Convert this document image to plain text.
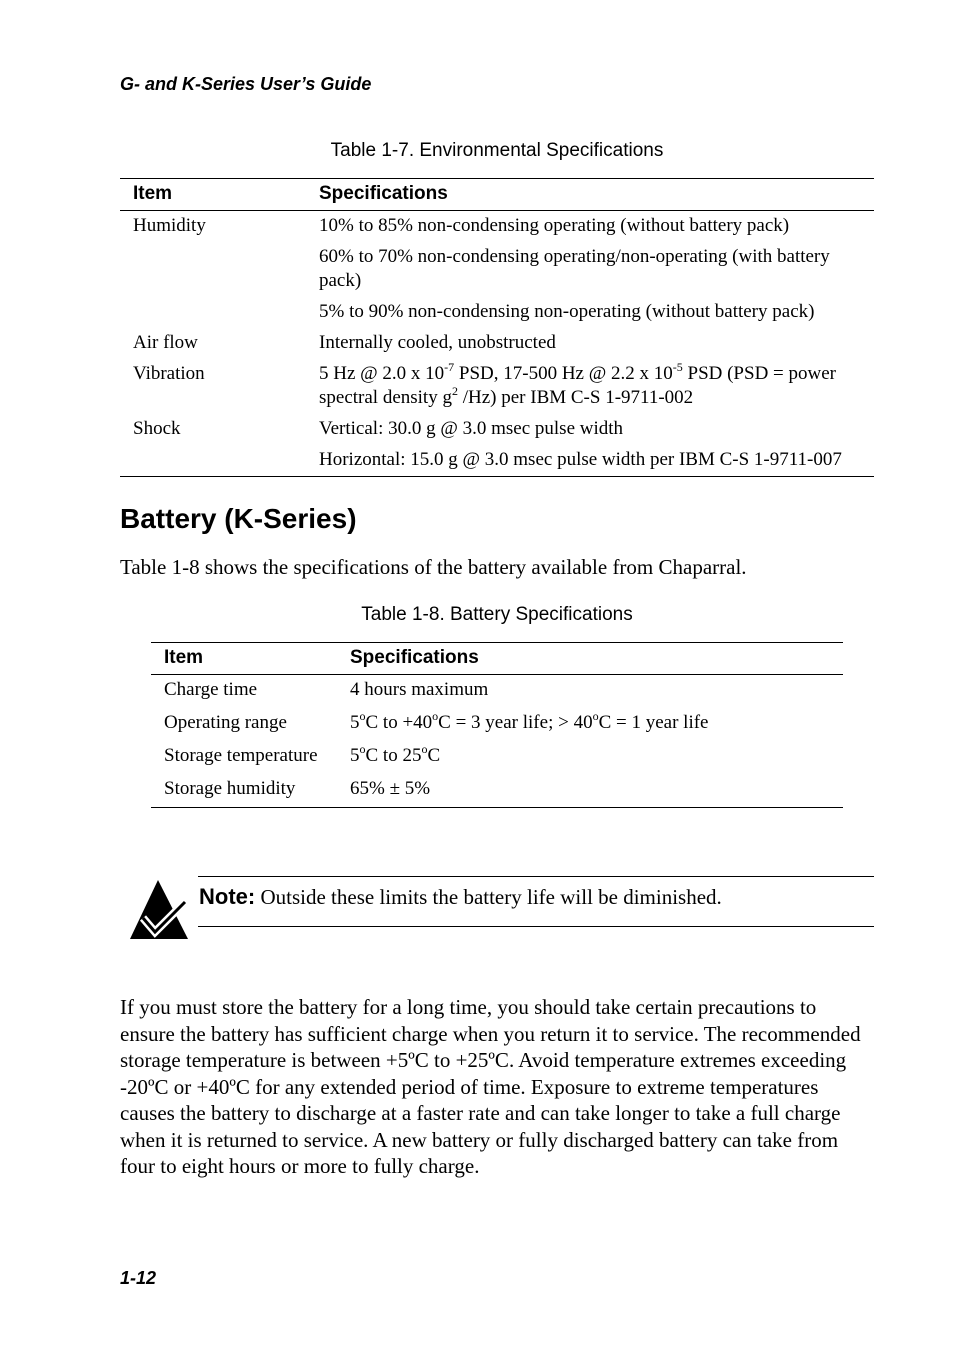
G- and K-Series User’s Guide
Table 1-7. Environmental Specifications
Item	Specifications
Humidity	10% to 85% non-condensing operating (without battery pack)
	60% to 70% non-condensing operating/non-operating (with battery pack)
	5% to 90% non-condensing non-operating (without battery pack)
Air flow	Internally cooled, unobstructed
Vibration	5 Hz @ 2.0 x $10^{-7}$ PSD, 17-500 Hz @ 2.2 x $10^{-5}$ PSD (PSD = power spectral density $g^2$ /Hz) per IBM C-S 1-9711-002
Shock	Vertical: 30.0 g @ 3.0 msec pulse width
	Horizontal: 15.0 g @ 3.0 msec pulse width per IBM C-S 1-9711-007
Battery (K-Series)
Table 1-8 shows the specifications of the battery available from Chaparral.
Table 1-8. Battery Specifications
Item	Specifications
Charge time	4 hours maximum
Operating range	5$^o$C to $+40^oC = 3$ year life; > $40^oC = 1$ year life
Storage temperature	5$^o$C to 25$^o$C
Storage humidity	65% ± 5%
Note: Outside these limits the battery life will be diminished.
If you must store the battery for a long time, you should take certain precautions to ensure the battery has sufficient charge when you return it to service. The recommended storage temperature is between +5ºC to +25ºC. Avoid temperature extremes exceeding -20ºC or +40ºC for any extended period of time. Exposure to extreme temperatures causes the battery to discharge at a faster rate and can take longer to take a full charge when it is returned to service. A new battery or fully discharged battery can take from four to eight hours or more to fully charge.
1-12
